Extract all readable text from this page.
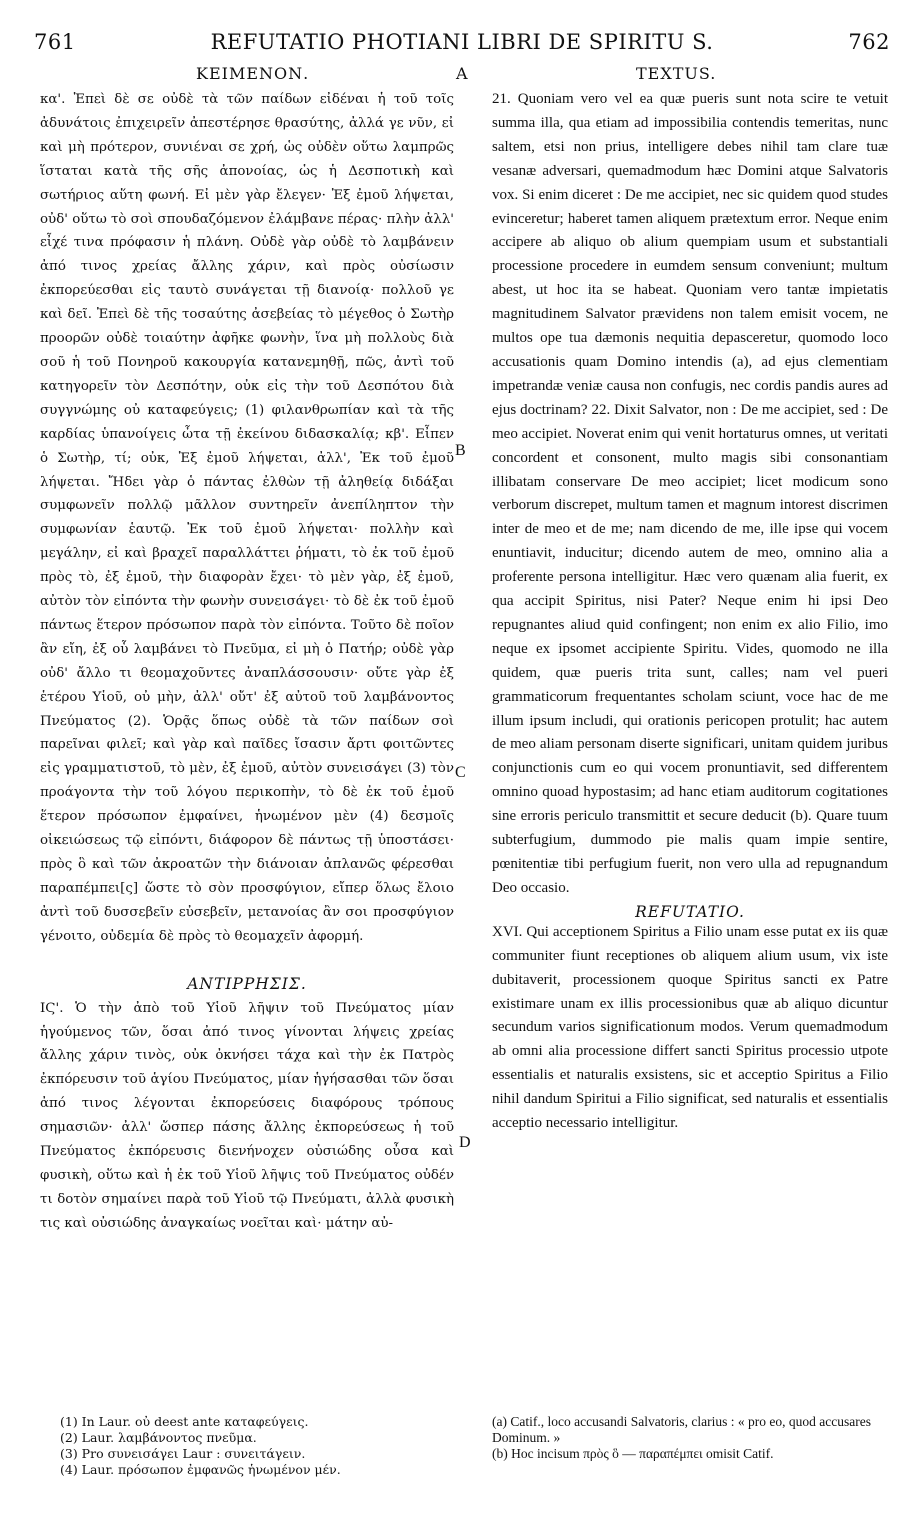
761	REFUTATIO PHOTIANI LIBRI DE SPIRITU S.	762
ΚΕΙΜΕΝΟΝ.	A	TEXTUS.
B
C
D

κα'. Ἐπεὶ δὲ σε οὐδὲ τὰ τῶν παίδων εἰδέναι ἡ τοῦ τοῖς ἀδυνάτοις ἐπιχειρεῖν ἀπεστέρησε θρασύτης, ἀλλά γε νῦν, εἰ καὶ μὴ πρότερον, συνιέναι σε χρή, ὡς οὐδὲν οὕτω λαμπρῶς ἵσταται κατὰ τῆς σῆς ἀπονοίας, ὡς ἡ Δεσποτικὴ καὶ σωτήριος αὕτη φωνή. Εἰ μὲν γὰρ ἔλεγεν· Ἐξ ἐμοῦ λήψεται, οὐδ' οὕτω τὸ σοὶ σπουδαζόμενον ἐλάμβανε πέρας· πλὴν ἀλλ' εἶχέ τινα πρόφασιν ἡ πλάνη. Οὐδὲ γὰρ οὐδὲ τὸ λαμβάνειν ἀπό τινος χρείας ἄλλης χάριν, καὶ πρὸς οὐσίωσιν ἐκπορεύεσθαι εἰς ταυτὸ συνάγεται τῇ διανοίᾳ· πολλοῦ γε καὶ δεῖ. Ἐπεὶ δὲ τῆς τοσαύτης ἀσεβείας τὸ μέγεθος ὁ Σωτὴρ προορῶν οὐδὲ τοιαύτην ἀφῆκε φωνὴν, ἵνα μὴ πολλοὺς διὰ σοῦ ἡ τοῦ Πονηροῦ κακουργία κατανεμηθῇ, πῶς, ἀντὶ τοῦ κατηγορεῖν τὸν Δεσπότην, οὐκ εἰς τὴν τοῦ Δεσπότου διὰ συγγνώμης οὐ καταφεύγεις; (1) φιλανθρωπίαν καὶ τὰ τῆς καρδίας ὑπανοίγεις ὦτα τῇ ἐκείνου διδασκαλίᾳ; κβ'. Εἶπεν ὁ Σωτὴρ, τί; οὐκ, Ἐξ ἐμοῦ λήψεται, ἀλλ', Ἐκ τοῦ ἐμοῦ λήψεται. Ἤδει γὰρ ὁ πάντας ἐλθὼν τῇ ἀληθείᾳ διδάξαι συμφωνεῖν πολλῷ μᾶλλον συντηρεῖν ἀνεπίληπτον τὴν συμφωνίαν ἑαυτῷ. Ἐκ τοῦ ἐμοῦ λήψεται· πολλὴν καὶ μεγάλην, εἰ καὶ βραχεῖ παραλλάττει ῥήματι, τὸ ἐκ τοῦ ἐμοῦ πρὸς τὸ, ἐξ ἐμοῦ, τὴν διαφορὰν ἔχει· τὸ μὲν γὰρ, ἐξ ἐμοῦ, αὐτὸν τὸν εἰπόντα τὴν φωνὴν συνεισάγει· τὸ δὲ ἐκ τοῦ ἐμοῦ πάντως ἕτερον πρόσωπον παρὰ τὸν εἰπόντα. Τοῦτο δὲ ποῖον ἂν εἴη, ἐξ οὗ λαμβάνει τὸ Πνεῦμα, εἰ μὴ ὁ Πατήρ; οὐδὲ γὰρ οὐδ' ἄλλο τι θεομαχοῦντες ἀναπλάσσουσιν· οὔτε γὰρ ἐξ ἑτέρου Υἱοῦ, οὐ μὴν, ἀλλ' οὔτ' ἐξ αὐτοῦ τοῦ λαμβάνοντος Πνεύματος (2). Ὁρᾷς ὅπως οὐδὲ τὰ τῶν παίδων σοὶ παρεῖναι φιλεῖ; καὶ γὰρ καὶ παῖδες ἴσασιν ἄρτι φοιτῶντες εἰς γραμματιστοῦ, τὸ μὲν, ἐξ ἐμοῦ, αὐτὸν συνεισάγει (3) τὸν προάγοντα τὴν τοῦ λόγου περικοπὴν, τὸ δὲ ἐκ τοῦ ἐμοῦ ἕτερον πρόσωπον ἐμφαίνει, ἡνωμένον μὲν (4) δεσμοῖς οἰκειώσεως τῷ εἰπόντι, διάφορον δὲ πάντως τῇ ὑποστάσει· πρὸς ὃ καὶ τῶν ἀκροατῶν τὴν διάνοιαν ἀπλανῶς φέρεσθαι παραπέμπει[ς] ὥστε τὸ σὸν προσφύγιον, εἴπερ ὅλως ἔλοιο ἀντὶ τοῦ δυσσεβεῖν εὐσεβεῖν, μετανοίας ἂν σοι προσφύγιον γένοιτο, οὐδεμία δὲ πρὸς τὸ θεομαχεῖν ἀφορμή.

ΑΝΤΙΡΡΗΣΙΣ.

ΙϚ'. Ὁ τὴν ἀπὸ τοῦ Υἱοῦ λῆψιν τοῦ Πνεύματος μίαν ἡγούμενος τῶν, ὅσαι ἀπό τινος γίνονται λήψεις χρείας ἄλλης χάριν τινὸς, οὐκ ὀκνήσει τάχα καὶ τὴν ἐκ Πατρὸς ἐκπόρευσιν τοῦ ἁγίου Πνεύματος, μίαν ἡγήσασθαι τῶν ὅσαι ἀπό τινος λέγονται ἐκπορεύσεις διαφόρους τρόπους σημασιῶν· ἀλλ' ὥσπερ πάσης ἄλλης ἐκπορεύσεως ἡ τοῦ Πνεύματος ἐκπόρευσις διενήνοχεν οὐσιώδης οὖσα καὶ φυσικὴ, οὕτω καὶ ἡ ἐκ τοῦ Υἱοῦ λῆψις τοῦ Πνεύματος οὐδέν τι δοτὸν σημαίνει παρὰ τοῦ Υἱοῦ τῷ Πνεύματι, ἀλλὰ φυσικὴ τις καὶ οὐσιώδης ἀναγκαίως νοεῖται καὶ· μάτην αὐ-

21. Quoniam vero vel ea quæ pueris sunt nota scire te vetuit summa illa, qua etiam ad impossibilia contendis temeritas, nunc saltem, etsi non prius, intelligere debes nihil tam clare tuæ vesanæ adversari, quemadmodum hæc Domini atque Salvatoris vox. Si enim diceret : De me accipiet, nec sic quidem quod studes evinceretur; haberet tamen aliquem prætextum error. Neque enim accipere ab aliquo ob alium quempiam usum et substantiali processione procedere in eumdem sensum conveniunt; multum abest, ut hoc ita se habeat. Quoniam vero tantæ impietatis magnitudinem Salvator prævidens non talem emisit vocem, ne multos ope tua dæmonis nequitia depasceretur, quomodo loco accusationis quam Domino intendis (a), ad ejus clementiam impetrandæ veniæ causa non confugis, nec cordis pandis aures ad ejus doctrinam? 22. Dixit Salvator, non : De me accipiet, sed : De meo accipiet. Noverat enim qui venit hortaturus omnes, ut veritati concordent et consonent, multo magis sibi consonantiam illibatam conservare De meo accipiet; licet modicum sono verborum discrepet, multum tamen et magnum intorest discrimen inter de meo et de me; nam dicendo de me, ille ipse qui vocem enuntiavit, inducitur; dicendo autem de meo, omnino alia a proferente persona intelligitur. Hæc vero quænam alia fuerit, ex qua accipit Spiritus, nisi Pater? Neque enim hi ipsi Deo repugnantes aliud quid confingent; non enim ex alio Filio, imo neque ex ipsomet accipiente Spiritu. Vides, quomodo ne illa quidem, quæ pueris trita sunt, calles; nam vel pueri grammaticorum frequentantes scholam sciunt, voce hac de me illum ipsum includi, qui orationis pericopen protulit; hac autem de meo aliam personam diserte significari, unitam quidem juribus conjunctionis cum eo qui vocem pronuntiavit, sed differentem omnino quoad hypostasim; ad hanc etiam auditorum cogitationes sine erroris periculo transmittit et secure deducit (b). Quare tuum subterfugium, dummodo pie malis quam impie sentire, pœnitentiæ tibi perfugium fuerit, non vero ulla ad repugnandum Deo occasio.

REFUTATIO.

XVI. Qui acceptionem Spiritus a Filio unam esse putat ex iis quæ communiter fiunt receptiones ob aliquem alium usum, vix iste dubitaverit, processionem quoque Spiritus sancti ex Patre existimare unam ex illis processionibus quæ ab aliquo dicuntur secundum varios significationum modos. Verum quemadmodum ab omni alia processione differt sancti Spiritus processio utpote essentialis et naturalis exsistens, sic et acceptio Spiritus a Filio nihil dandum Spiritui a Filio significat, sed naturalis et essentialis acceptio necessario intelligitur.

(1) In Laur. οὐ deest ante καταφεύγεις.

(2) Laur. λαμβάνοντος πνεῦμα.

(3) Pro συνεισάγει Laur : συνειτάγειν.

(4) Laur. πρόσωπον ἐμφανῶς ἡνωμένον μέν.

(a) Catif., loco accusandi Salvatoris, clarius : « pro eo, quod accusares Dominum. »

(b) Hoc incisum πρὸς ὃ — παραπέμπει omisit Catif.
